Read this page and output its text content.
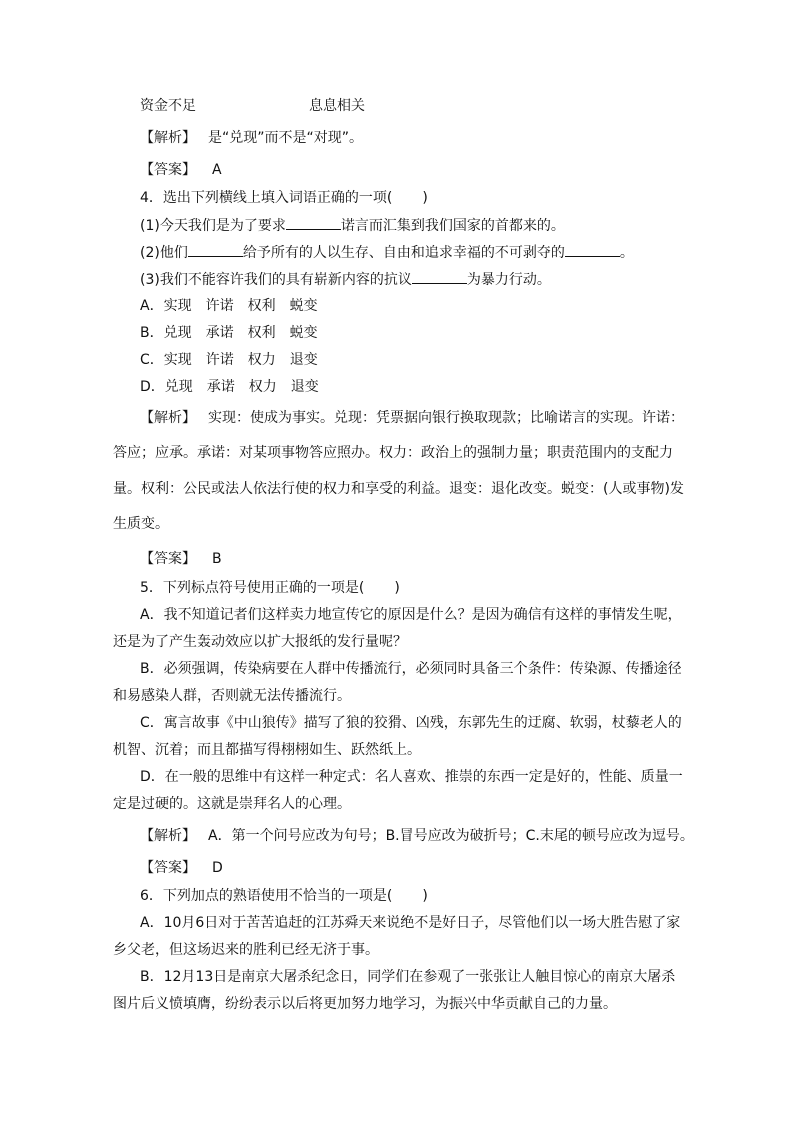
资金不足	息息相关
【解析】 是“兑现”而不是“对现”。
【答案】 A
4．选出下列横线上填入词语正确的一项( )
(1)今天我们是为了要求	诺言而汇集到我们国家的首都来的。
(2)他们	给予所有的人以生存、自由和追求幸福的不可剥夺的	。
(3)我们不能容许我们的具有崭新内容的抗议	为暴力行动。
A．实现　许诺　权利　蜕变
B．兑现　承诺　权利　蜕变
C．实现　许诺　权力　退变
D．兑现　承诺　权力　退变
【解析】 实现：使成为事实。兑现：凭票据向银行换取现款；比喻诺言的实现。许诺：
答应；应承。承诺：对某项事物答应照办。权力：政治上的强制力量；职责范围内的支配力
量。权利：公民或法人依法行使的权力和享受的利益。退变：退化改变。蜕变：(人或事物)发
生质变。
【答案】 B
5．下列标点符号使用正确的一项是( )
A．我不知道记者们这样卖力地宣传它的原因是什么？是因为确信有这样的事情发生呢，
还是为了产生轰动效应以扩大报纸的发行量呢？
B．必须强调，传染病要在人群中传播流行，必须同时具备三个条件：传染源、传播途径
和易感染人群，否则就无法传播流行。
C．寓言故事《中山狼传》描写了狼的狡猾、凶残，东郭先生的迂腐、软弱，杖藜老人的
机智、沉着；而且都描写得栩栩如生、跃然纸上。
D．在一般的思维中有这样一种定式：名人喜欢、推崇的东西一定是好的，性能、质量一
定是过硬的。这就是崇拜名人的心理。
【解析】 A．第一个问号应改为句号；B.冒号应改为破折号；C.末尾的顿号应改为逗号。
【答案】 D
6．下列加点的熟语使用不恰当的一项是( )
A．10月6日对于苦苦追赶的江苏舜天来说绝不是好日子，尽管他们以一场大胜告慰了家
乡父老，但这场迟来的胜利已经无济于事。
B．12月13日是南京大屠杀纪念日，同学们在参观了一张张让人触目惊心的南京大屠杀
图片后义愤填膺，纷纷表示以后将更加努力地学习，为振兴中华贡献自己的力量。
